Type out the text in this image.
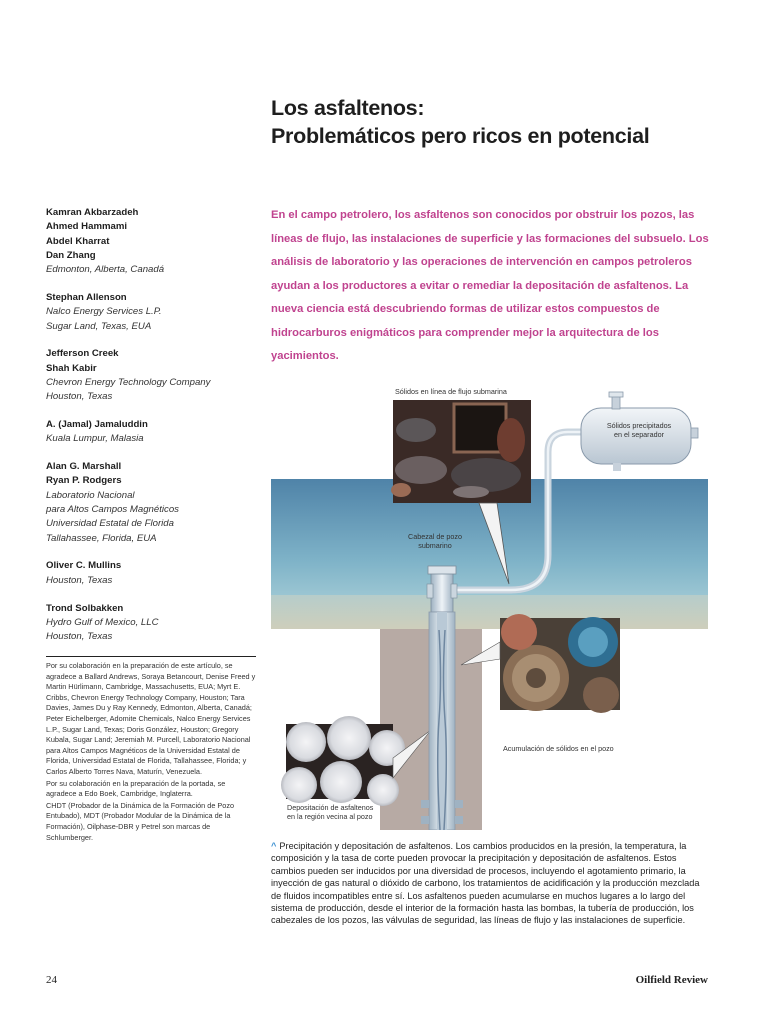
Los asfaltenos:
Problemáticos pero ricos en potencial
En el campo petrolero, los asfaltenos son conocidos por obstruir los pozos, las líneas de flujo, las instalaciones de superficie y las formaciones del subsuelo. Los análisis de laboratorio y las operaciones de intervención en campos petroleros ayudan a los productores a evitar o remediar la depositación de asfaltenos. La nueva ciencia está descubriendo formas de utilizar estos compuestos de hidrocarburos enigmáticos para comprender mejor la arquitectura de los yacimientos.
Kamran Akbarzadeh
Ahmed Hammami
Abdel Kharrat
Dan Zhang
Edmonton, Alberta, Canadá
Stephan Allenson
Nalco Energy Services L.P.
Sugar Land, Texas, EUA
Jefferson Creek
Shah Kabir
Chevron Energy Technology Company
Houston, Texas
A. (Jamal) Jamaluddin
Kuala Lumpur, Malasia
Alan G. Marshall
Ryan P. Rodgers
Laboratorio Nacional
para Altos Campos Magnéticos
Universidad Estatal de Florida
Tallahassee, Florida, EUA
Oliver C. Mullins
Houston, Texas
Trond Solbakken
Hydro Gulf of Mexico, LLC
Houston, Texas

Por su colaboración en la preparación de este artículo, se agradece a Ballard Andrews, Soraya Betancourt, Denise Freed y Martin Hürlimann, Cambridge, Massachusetts, EUA; Myrt E. Cribbs, Chevron Energy Technology Company, Houston; Tara Davies, James Du y Ray Kennedy, Edmonton, Alberta, Canadá; Peter Eichelberger, Adomite Chemicals, Nalco Energy Services L.P., Sugar Land, Texas; Doris González, Houston; Gregory Kubala, Sugar Land; Jeremiah M. Purcell, Laboratorio Nacional para Altos Campos Magnéticos de la Universidad Estatal de Florida, Universidad Estatal de Florida, Tallahassee, Florida; y Carlos Alberto Torres Nava, Maturín, Venezuela.

Por su colaboración en la preparación de la portada, se agradece a Edo Boek, Cambridge, Inglaterra.

CHDT (Probador de la Dinámica de la Formación de Pozo Entubado), MDT (Probador Modular de la Dinámica de la Formación), Oilphase-DBR y Petrel son marcas de Schlumberger.

Sólidos en línea de flujo submarina
Sólidos precipitados
en el separador
Cabezal de pozo
submarino
Acumulación de sólidos en el pozo
Depositación de asfaltenos
en la región vecina al pozo
^ Precipitación y depositación de asfaltenos. Los cambios producidos en la presión, la temperatura, la composición y la tasa de corte pueden provocar la precipitación y depositación de asfaltenos. Estos cambios pueden ser inducidos por una diversidad de procesos, incluyendo el agotamiento primario, la inyección de gas natural o dióxido de carbono, los tratamientos de acidificación y la producción mezclada de fluidos incompatibles entre sí. Los asfaltenos pueden acumularse en muchos lugares a lo largo del sistema de producción, desde el interior de la formación hasta las bombas, la tubería de producción, los cabezales de los pozos, las válvulas de seguridad, las líneas de flujo y las instalaciones de superficie.
24	Oilfield Review
